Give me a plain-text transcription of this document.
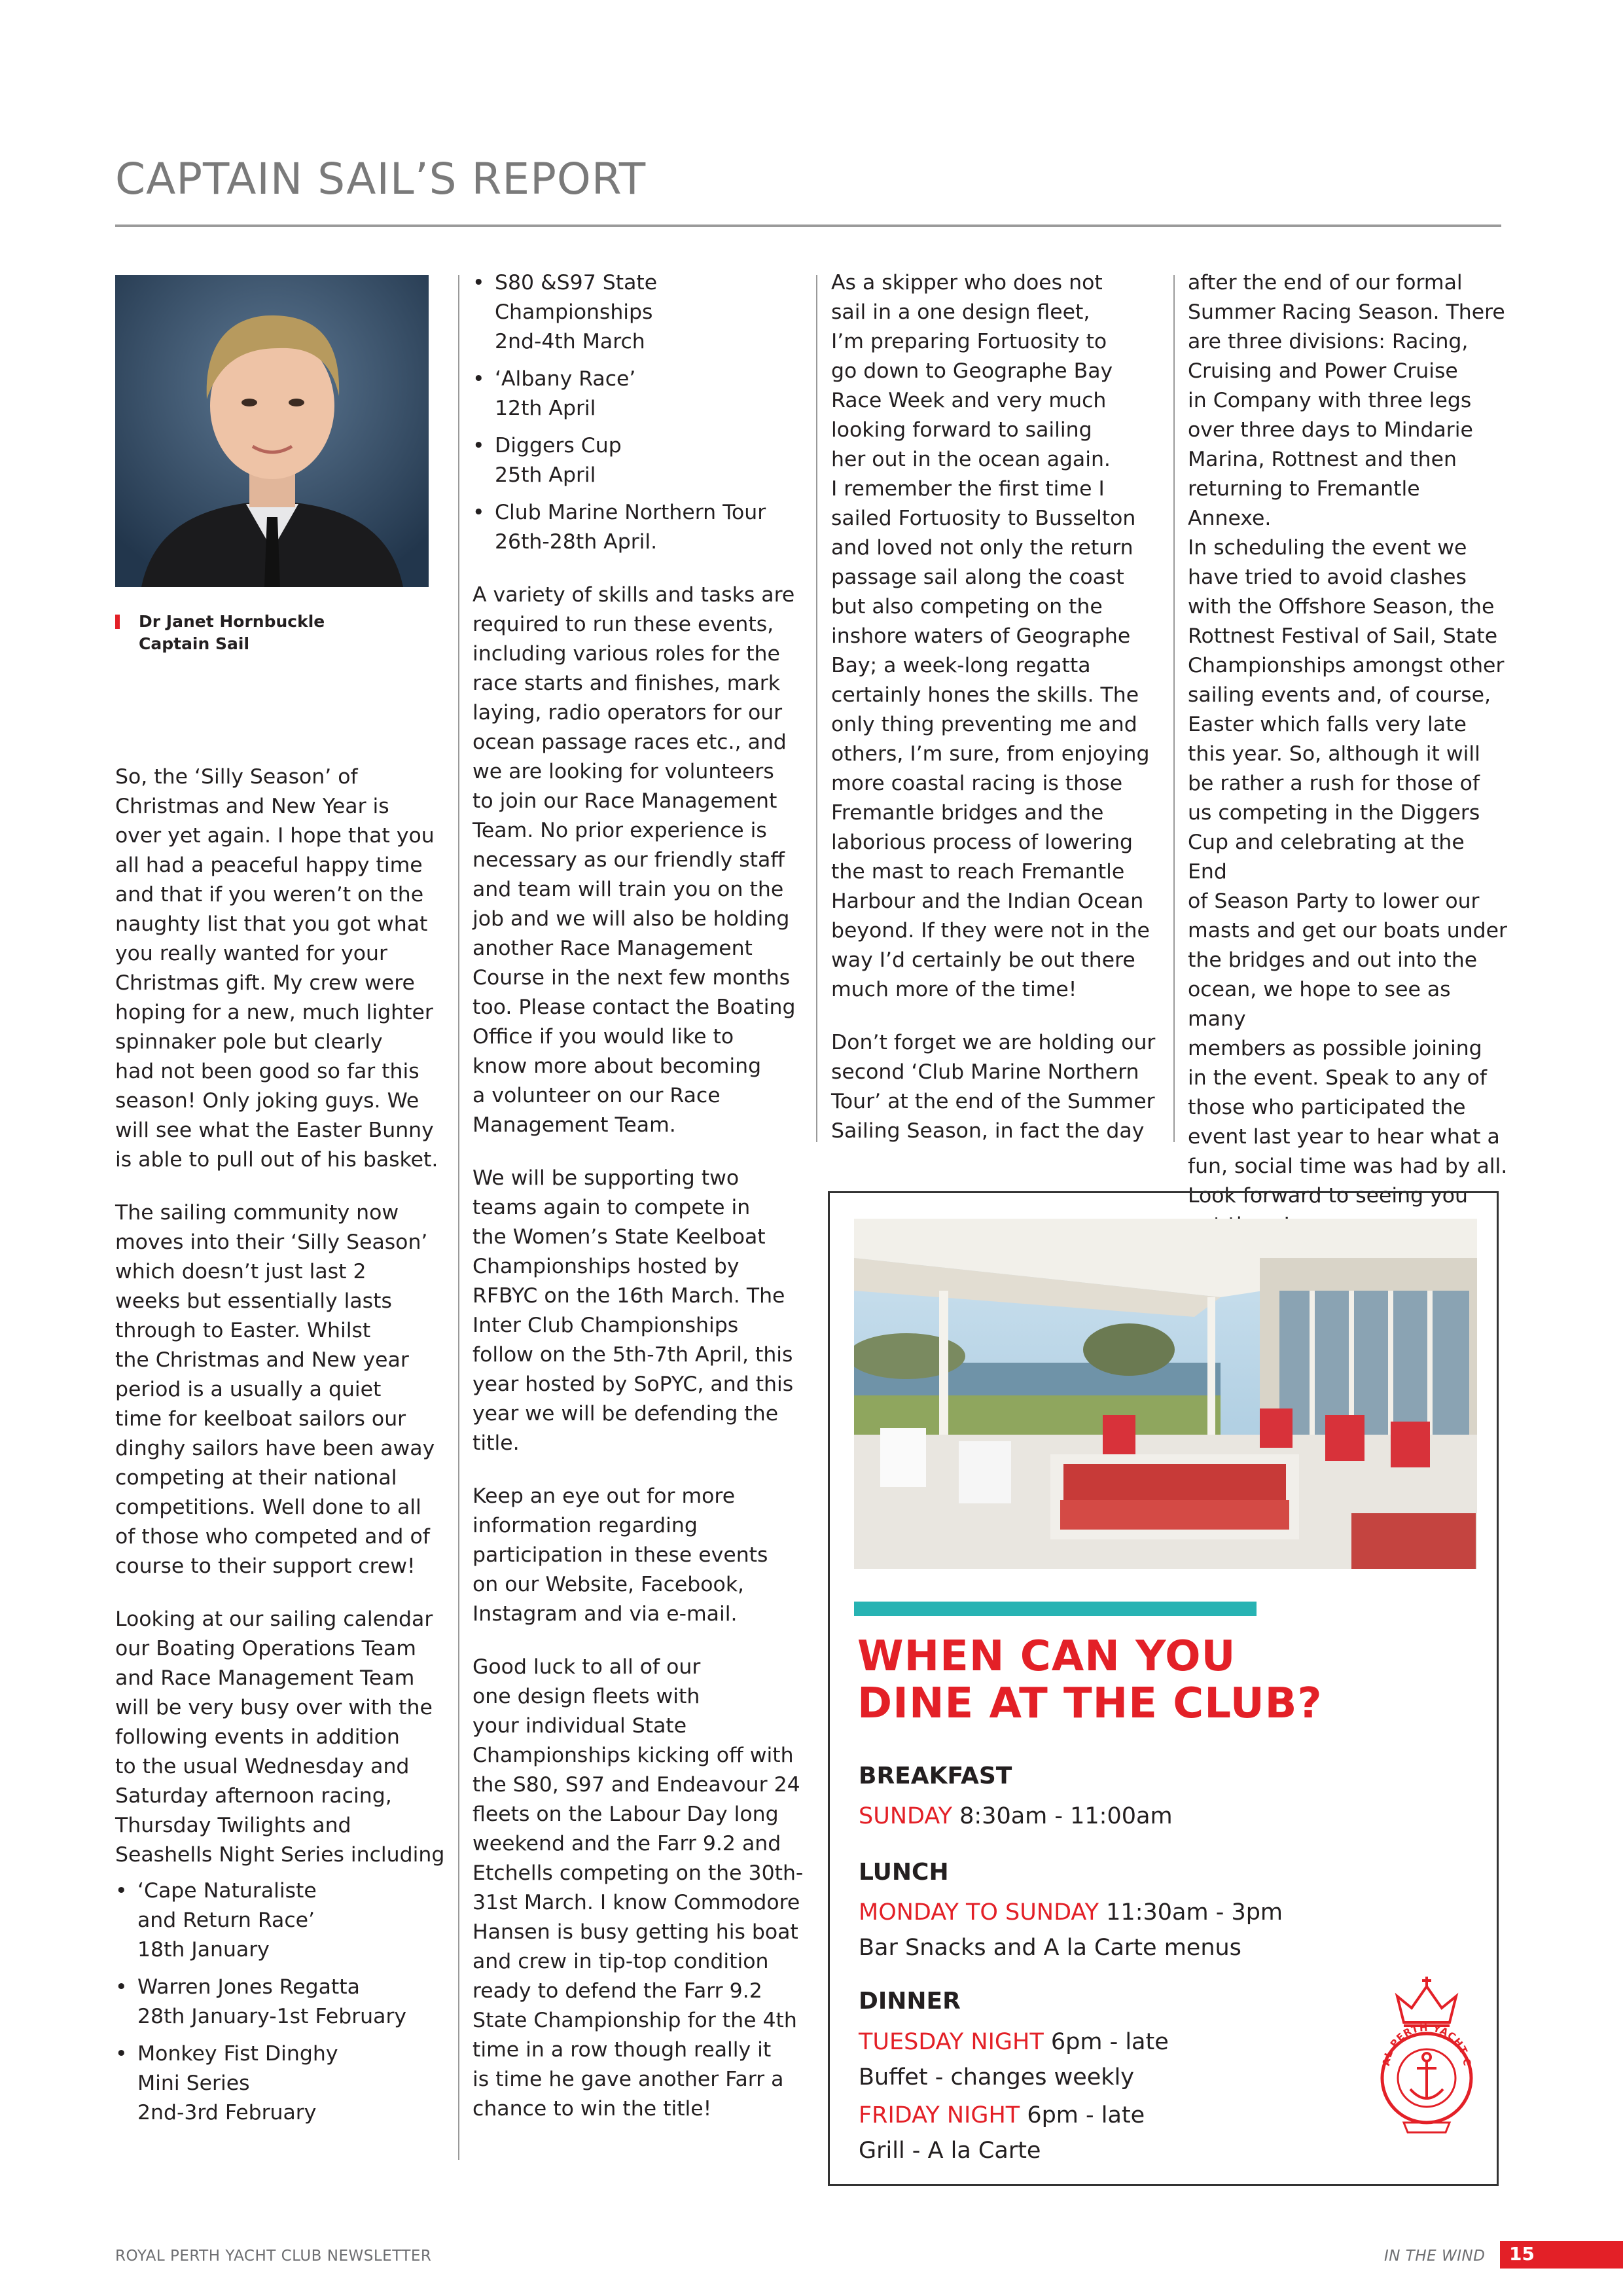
CAPTAIN SAIL’S REPORT
Dr Janet Hornbuckle
Captain Sail

So, the ‘Silly Season’ of
Christmas and New Year is
over yet again. I hope that you
all had a peaceful happy time
and that if you weren’t on the
naughty list that you got what
you really wanted for your
Christmas gift. My crew were
hoping for a new, much lighter
spinnaker pole but clearly
had not been good so far this
season! Only joking guys. We
will see what the Easter Bunny
is able to pull out of his basket.

The sailing community now
moves into their ‘Silly Season’
which doesn’t just last 2
weeks but essentially lasts
through to Easter. Whilst
the Christmas and New year
period is a usually a quiet
time for keelboat sailors our
dinghy sailors have been away
competing at their national
competitions. Well done to all
of those who competed and of
course to their support crew!

Looking at our sailing calendar
our Boating Operations Team
and Race Management Team
will be very busy over with the
following events in addition
to the usual Wednesday and
Saturday afternoon racing,
Thursday Twilights and
Seashells Night Series including

• ‘Cape Naturaliste
and Return Race’
18th January
• Warren Jones Regatta
28th January-1st February
• Monkey Fist Dinghy
Mini Series
2nd-3rd February
• S80 &S97 State
Championships
2nd-4th March
• ‘Albany Race’
12th April
• Diggers Cup
25th April
• Club Marine Northern Tour
26th-28th April.

A variety of skills and tasks are
required to run these events,
including various roles for the
race starts and finishes, mark
laying, radio operators for our
ocean passage races etc., and
we are looking for volunteers
to join our Race Management
Team. No prior experience is
necessary as our friendly staff
and team will train you on the
job and we will also be holding
another Race Management
Course in the next few months
too. Please contact the Boating
Office if you would like to
know more about becoming
a volunteer on our Race
Management Team.

We will be supporting two
teams again to compete in
the Women’s State Keelboat
Championships hosted by
RFBYC on the 16th March. The
Inter Club Championships
follow on the 5th-7th April, this
year hosted by SoPYC, and this
year we will be defending the
title.

Keep an eye out for more
information regarding
participation in these events
on our Website, Facebook,
Instagram and via e-mail.

Good luck to all of our
one design fleets with
your individual State
Championships kicking off with
the S80, S97 and Endeavour 24
fleets on the Labour Day long
weekend and the Farr 9.2 and
Etchells competing on the 30th-
31st March. I know Commodore
Hansen is busy getting his boat
and crew in tip-top condition
ready to defend the Farr 9.2
State Championship for the 4th
time in a row though really it
is time he gave another Farr a
chance to win the title!

As a skipper who does not
sail in a one design fleet,
I’m preparing Fortuosity to
go down to Geographe Bay
Race Week and very much
looking forward to sailing
her out in the ocean again.
I remember the first time I
sailed Fortuosity to Busselton
and loved not only the return
passage sail along the coast
but also competing on the
inshore waters of Geographe
Bay; a week-long regatta
certainly hones the skills. The
only thing preventing me and
others, I’m sure, from enjoying
more coastal racing is those
Fremantle bridges and the
laborious process of lowering
the mast to reach Fremantle
Harbour and the Indian Ocean
beyond. If they were not in the
way I’d certainly be out there
much more of the time!

Don’t forget we are holding our
second ‘Club Marine Northern
Tour’ at the end of the Summer
Sailing Season, in fact the day

after the end of our formal
Summer Racing Season. There
are three divisions: Racing,
Cruising and Power Cruise
in Company with three legs
over three days to Mindarie
Marina, Rottnest and then
returning to Fremantle Annexe.
In scheduling the event we
have tried to avoid clashes
with the Offshore Season, the
Rottnest Festival of Sail, State
Championships amongst other
sailing events and, of course,
Easter which falls very late
this year. So, although it will
be rather a rush for those of
us competing in the Diggers
Cup and celebrating at the End
of Season Party to lower our
masts and get our boats under
the bridges and out into the
ocean, we hope to see as many
members as possible joining
in the event. Speak to any of
those who participated the
event last year to hear what a
fun, social time was had by all.
Look forward to seeing you

WHEN CAN YOU
DINE AT THE CLUB?
BREAKFAST
SUNDAY 8:30am - 11:00am
LUNCH
MONDAY TO SUNDAY 11:30am - 3pm
Bar Snacks and A la Carte menus
DINNER
TUESDAY NIGHT 6pm - late
Buffet - changes weekly
FRIDAY NIGHT 6pm - late
Grill - A la Carte
AL PERTH YACHT C
ROYAL PERTH YACHT CLUB NEWSLETTER	IN THE WIND 15
